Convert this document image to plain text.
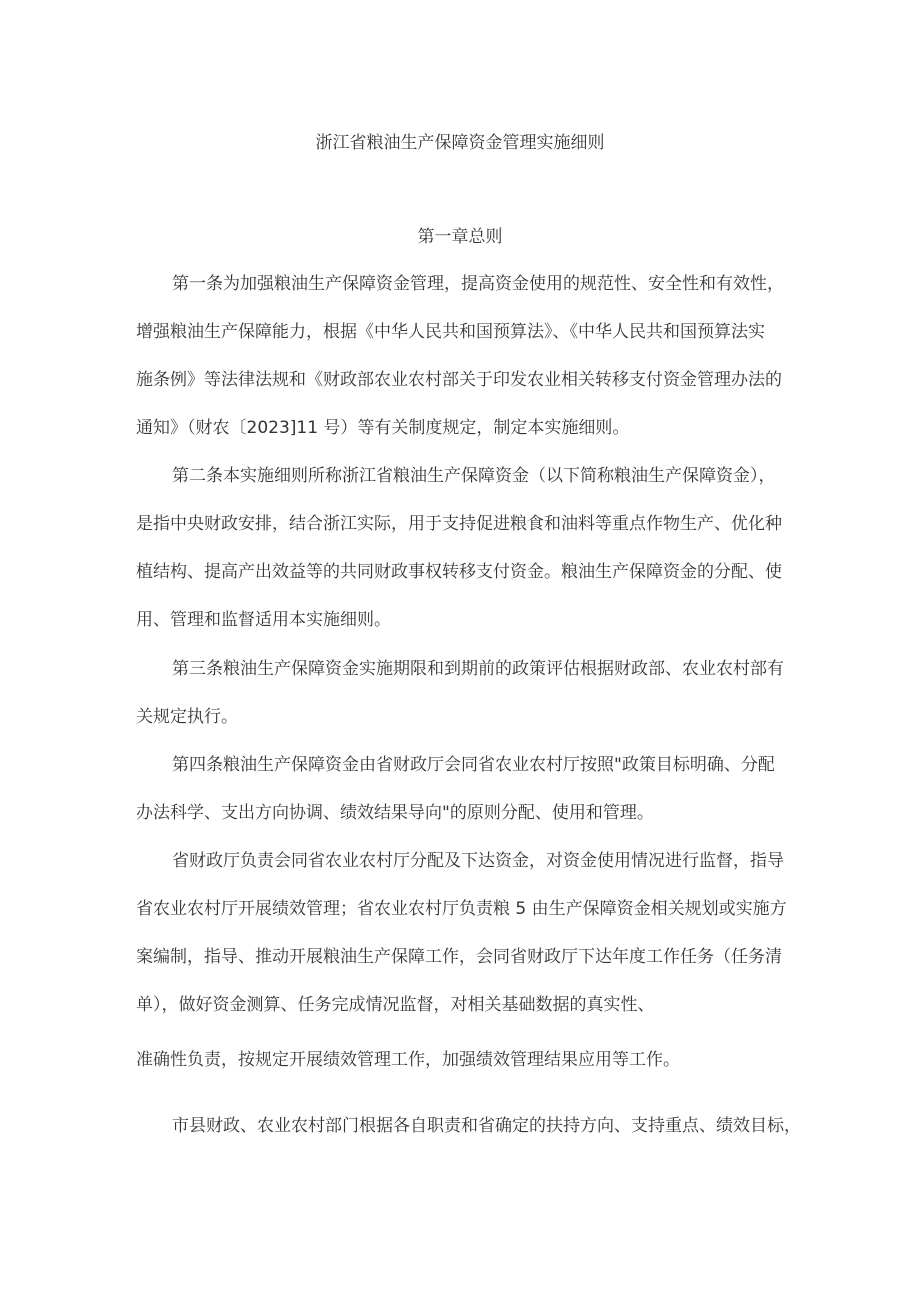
浙江省粮油生产保障资金管理实施细则
第一章总则
第一条为加强粮油生产保障资金管理，提高资金使用的规范性、安全性和有效性，
增强粮油生产保障能力，根据《中华人民共和国预算法》、《中华人民共和国预算法实
施条例》等法律法规和《财政部农业农村部关于印发农业相关转移支付资金管理办法的
通知》（财农〔2023]11 号）等有关制度规定，制定本实施细则。
第二条本实施细则所称浙江省粮油生产保障资金（以下简称粮油生产保障资金），
是指中央财政安排，结合浙江实际，用于支持促进粮食和油料等重点作物生产、优化种
植结构、提高产出效益等的共同财政事权转移支付资金。粮油生产保障资金的分配、使
用、管理和监督适用本实施细则。
第三条粮油生产保障资金实施期限和到期前的政策评估根据财政部、农业农村部有
关规定执行。
第四条粮油生产保障资金由省财政厅会同省农业农村厅按照"政策目标明确、分配
办法科学、支出方向协调、绩效结果导向"的原则分配、使用和管理。
省财政厅负责会同省农业农村厅分配及下达资金，对资金使用情况进行监督，指导
省农业农村厅开展绩效管理；省农业农村厅负责粮 5 由生产保障资金相关规划或实施方
案编制，指导、推动开展粮油生产保障工作，会同省财政厅下达年度工作任务（任务清
单），做好资金测算、任务完成情况监督，对相关基础数据的真实性、
准确性负责，按规定开展绩效管理工作，加强绩效管理结果应用等工作。
市县财政、农业农村部门根据各自职责和省确定的扶持方向、支持重点、绩效目标，
